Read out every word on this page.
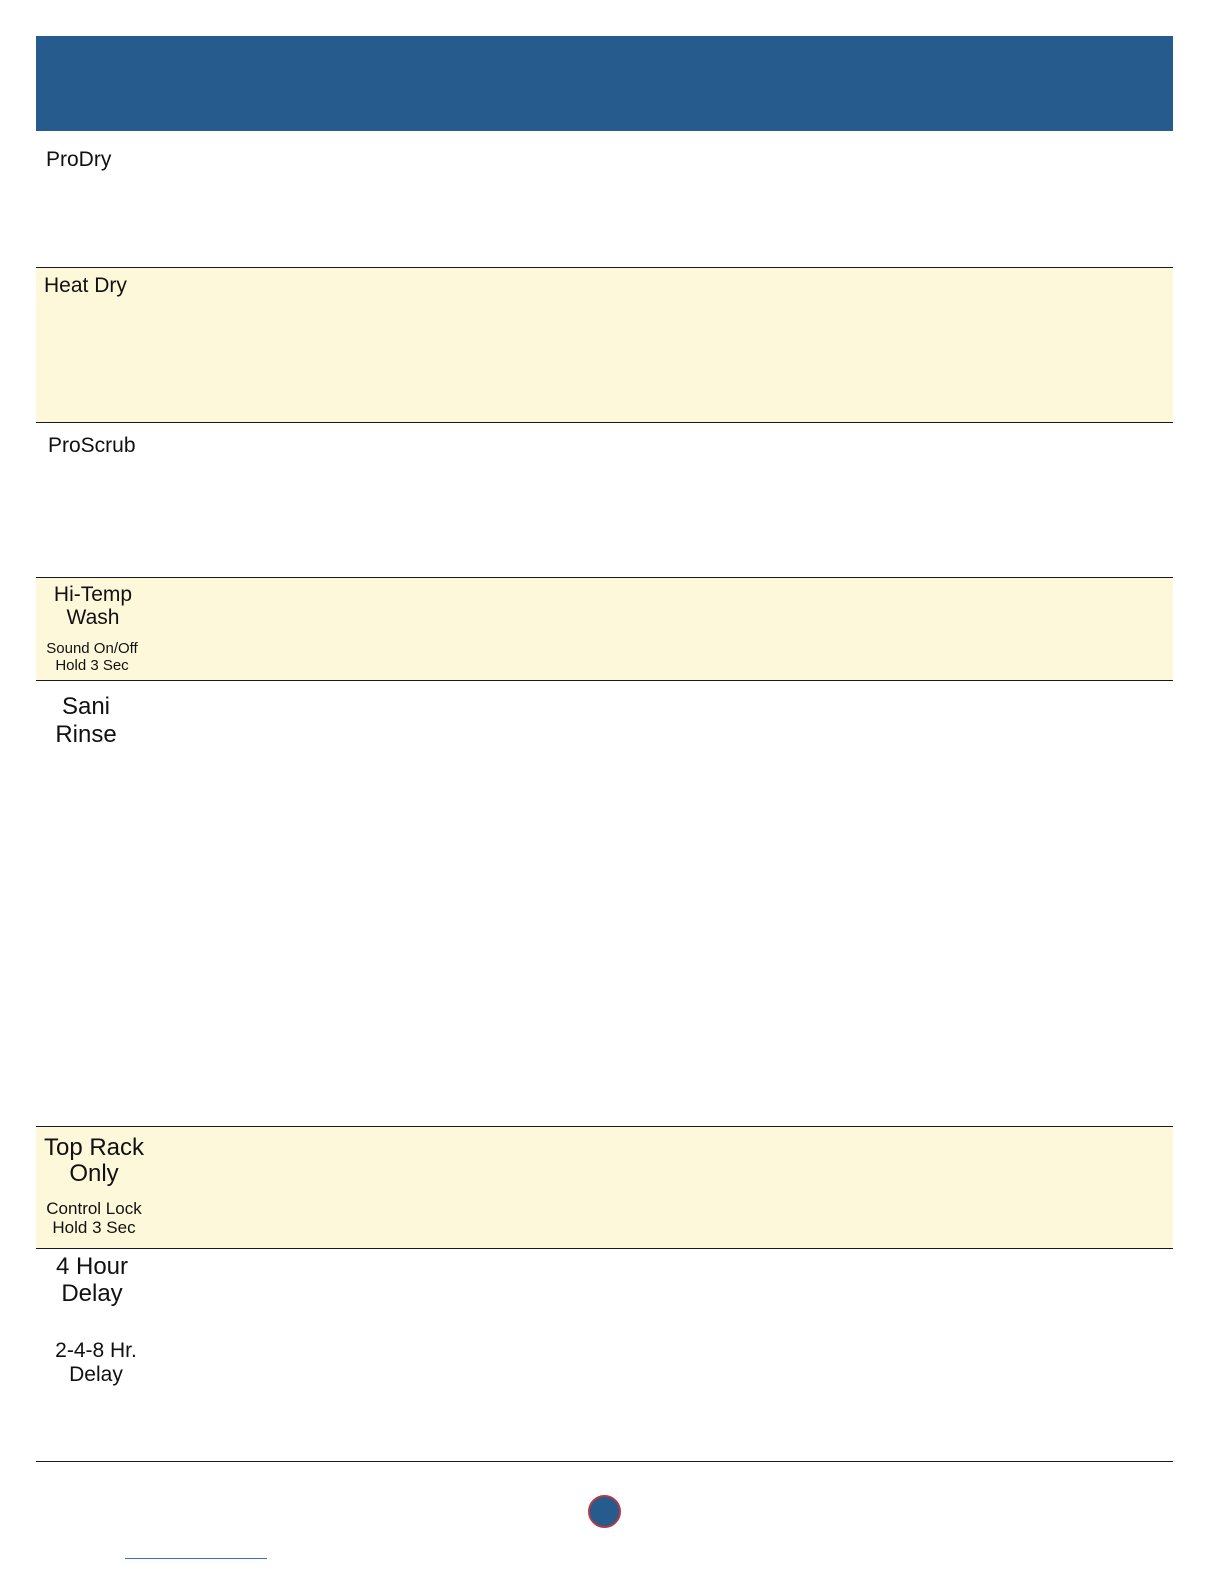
ProDry
Heat Dry
ProScrub
Hi-Temp
Wash
Sound On/Off
Hold 3 Sec
Sani
Rinse
Top Rack
Only
Control Lock
Hold 3 Sec
4 Hour
Delay
2-4-8 Hr.
Delay
